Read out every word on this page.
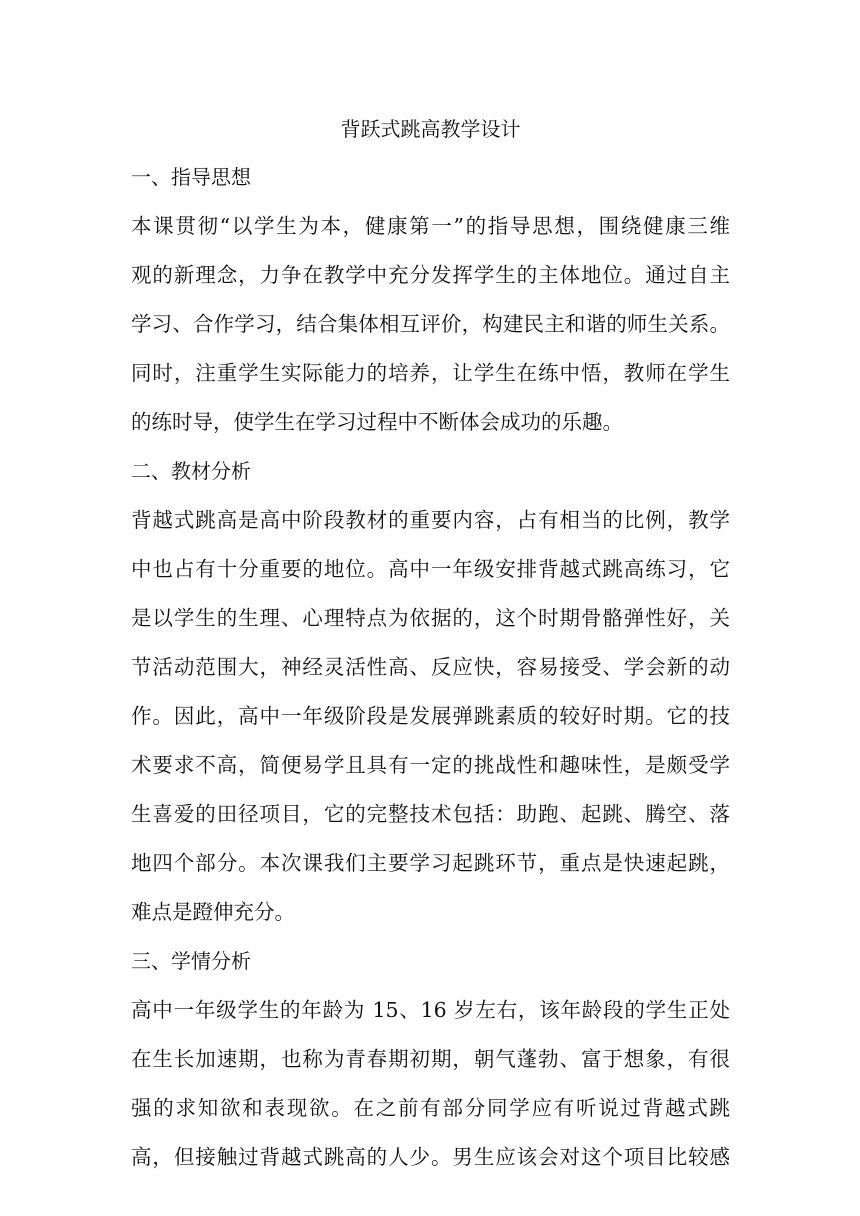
背跃式跳高教学设计
一、指导思想
本课贯彻“以学生为本，健康第一”的指导思想，围绕健康三维
观的新理念，力争在教学中充分发挥学生的主体地位。通过自主
学习、合作学习，结合集体相互评价，构建民主和谐的师生关系。
同时，注重学生实际能力的培养，让学生在练中悟，教师在学生
的练时导，使学生在学习过程中不断体会成功的乐趣。
二、教材分析
背越式跳高是高中阶段教材的重要内容，占有相当的比例，教学
中也占有十分重要的地位。高中一年级安排背越式跳高练习，它
是以学生的生理、心理特点为依据的，这个时期骨骼弹性好，关
节活动范围大，神经灵活性高、反应快，容易接受、学会新的动
作。因此，高中一年级阶段是发展弹跳素质的较好时期。它的技
术要求不高，简便易学且具有一定的挑战性和趣味性，是颇受学
生喜爱的田径项目，它的完整技术包括：助跑、起跳、腾空、落
地四个部分。本次课我们主要学习起跳环节，重点是快速起跳，
难点是蹬伸充分。
三、学情分析
高中一年级学生的年龄为 15、16 岁左右，该年龄段的学生正处
在生长加速期，也称为青春期初期，朝气蓬勃、富于想象，有很
强的求知欲和表现欲。在之前有部分同学应有听说过背越式跳
高，但接触过背越式跳高的人少。男生应该会对这个项目比较感
